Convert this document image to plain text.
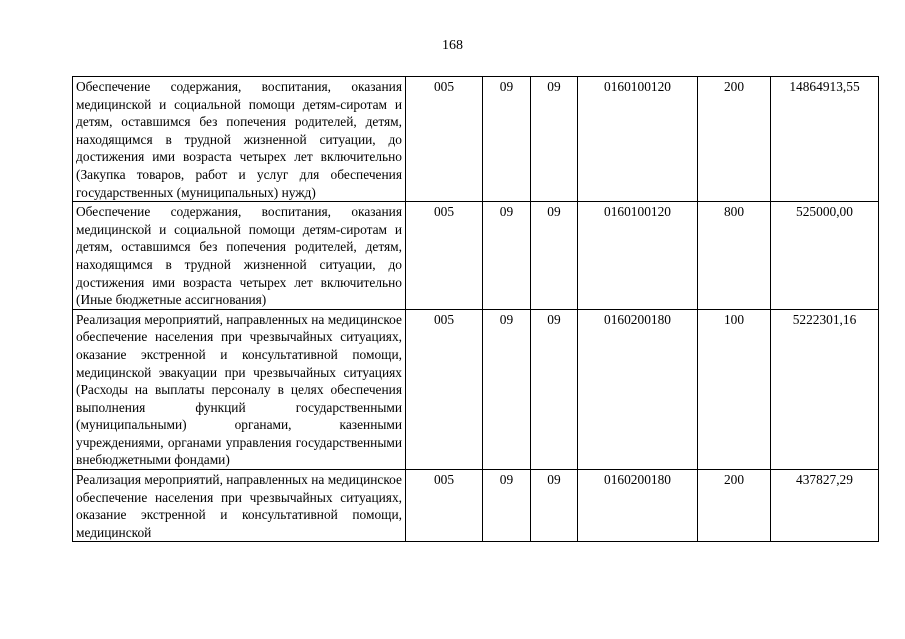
168
Обеспечение содержания, воспитания, оказания медицинской и социальной помощи детям-сиротам и детям, оставшимся без попечения родителей, детям, находящимся в трудной жизненной ситуации, до достижения ими возраста четырех лет включительно (Закупка товаров, работ и услуг для обеспечения государственных (муниципальных) нужд)	005	09	09	0160100120	200	14864913,55
Обеспечение содержания, воспитания, оказания медицинской и социальной помощи детям-сиротам и детям, оставшимся без попечения родителей, детям, находящимся в трудной жизненной ситуации, до достижения ими возраста четырех лет включительно (Иные бюджетные ассигнования)	005	09	09	0160100120	800	525000,00
Реализация мероприятий, направленных на медицинское обеспечение населения при чрезвычайных ситуациях, оказание экстренной и консультативной помощи, медицинской эвакуации при чрезвычайных ситуациях (Расходы на выплаты персоналу в целях обеспечения выполнения функций государственными (муниципальными) органами, казенными учреждениями, органами управления государственными внебюджетными фондами)	005	09	09	0160200180	100	5222301,16
Реализация мероприятий, направленных на медицинское обеспечение населения при чрезвычайных ситуациях, оказание экстренной и консультативной помощи, медицинской	005	09	09	0160200180	200	437827,29
